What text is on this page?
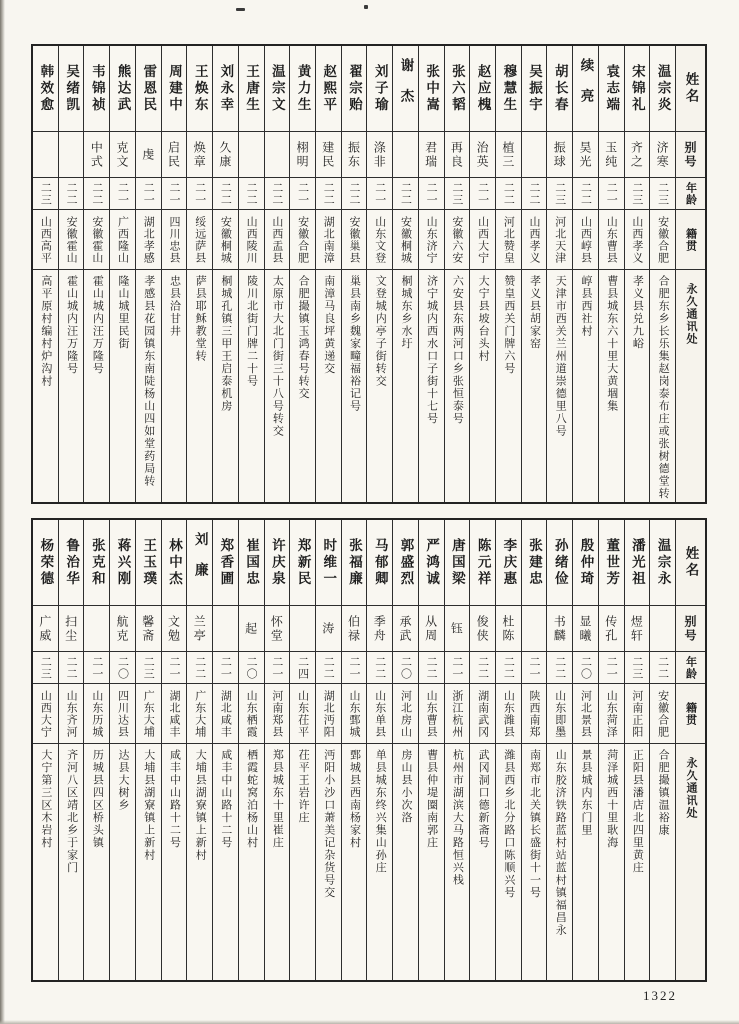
姓名
别号
年龄
籍贯
永久通讯处
温宗炎
济寒
二三
安徽合肥
合肥东乡长乐集赵岗泰布庄或张树德堂转
宋锦礼
齐之
二三
山西孝义
孝义县兑九峪
袁志端
玉纯
二一
山东曹县
曹县城东六十里大黄堌集
续亮
昊光
二二
山西崞县
崞县西社村
胡长春
振球
二三
河北天津
天津市西关兰州道崇德里八号
吴振宇
二二
山西孝义
孝义县胡家窑
穆慧生
植三
二二
河北赞皇
赞皇西关门牌六号
赵应槐
治英
二一
山西大宁
大宁县坡台头村
张六韬
再良
二三
安徽六安
六安县东两河口乡张恒泰号
张中嵩
君瑞
二一
山东济宁
济宁城内西水口子街十七号
谢杰
二二
安徽桐城
桐城东乡水圩
刘子瑜
涤非
二一
山东文登
文登城内亭子街转交
翟宗贻
振东
二二
安徽巢县
巢县南乡魏家疃福裕记号
赵熙平
建民
二二
湖北南漳
南漳马良坪黄递交
黄力生
栩明
二一
安徽合肥
合肥撮镇玉鸿春号转交
温宗文
二二
山西盂县
太原市大北门街三十八号转交
王唐生
二二
山西陵川
陵川北街门牌二十号
刘永幸
久康
二二
安徽桐城
桐城孔镇三甲王启泰机房
王焕东
焕章
二一
绥远萨县
萨县耶稣教堂转
周建中
启民
二一
四川忠县
忠县洽甘井
雷恩民
虔
二一
湖北孝感
孝感县花园镇东南陡杨山四如堂药局转
熊达武
克文
二一
广西隆山
隆山城里民街
韦锦祯
中式
二二
安徽霍山
霍山城内汪万隆号
吴绪凯
二二
安徽霍山
霍山城内汪万隆号
韩效愈
二三
山西高平
高平原村编村炉沟村
姓名
别号
年龄
籍贯
永久通讯处
温宗永
二二
安徽合肥
合肥撮镇温裕康
潘光祖
煜轩
二三
河南正阳
正阳县潘店北四里黄庄
董世芳
传孔
二一
山东菏泽
菏泽城西十里耿海
殷仲琦
显曦
二〇
河北景县
景县城内东门里
孙绪俭
书麟
二二
山东即墨
山东胶济铁路蓝村站蓝村镇福昌永
张建忠
二一
陕西南郑
南郑市北关镇长盛街十一号
李庆惠
杜陈
二二
山东潍县
潍县西乡北分路口陈顺兴号
陈元祥
俊侠
二二
湖南武冈
武冈洞口德新斋号
唐国梁
钰
二一
浙江杭州
杭州市湖滨大马路恒兴栈
严鸿诚
从周
二二
山东曹县
曹县仲堤圈南郭庄
郭盛烈
承武
二〇
河北房山
房山县小次洛
马郁卿
季舟
二二
山东单县
单县城东终兴集山孙庄
张福廉
伯禄
二一
山东鄄城
鄄城县西南杨家村
时维一
涛
二二
湖北沔阳
沔阳小沙口萧美记杂货号交
郑新民
二四
山东茌平
茌平王岩许庄
许庆泉
怀堂
二一
河南郑县
郑县城东十里崔庄
崔国忠
起
二〇
山东栖霞
栖霞蛇窝泊杨山村
郑香圃
二一
湖北咸丰
咸丰中山路十二号
刘廉
兰亭
二二
广东大埔
大埔县湖寮镇上新村
林中杰
文勉
二一
湖北咸丰
咸丰中山路十二号
王玉璞
馨斋
二三
广东大埔
大埔县湖寮镇上新村
蒋兴刚
航克
二〇
四川达县
达县大树乡
张克和
二一
山东历城
历城县四区桥头镇
鲁治华
扫尘
二二
山东齐河
齐河八区靖北乡于家门
杨荣德
广威
二三
山西大宁
大宁第三区木岩村
1322
